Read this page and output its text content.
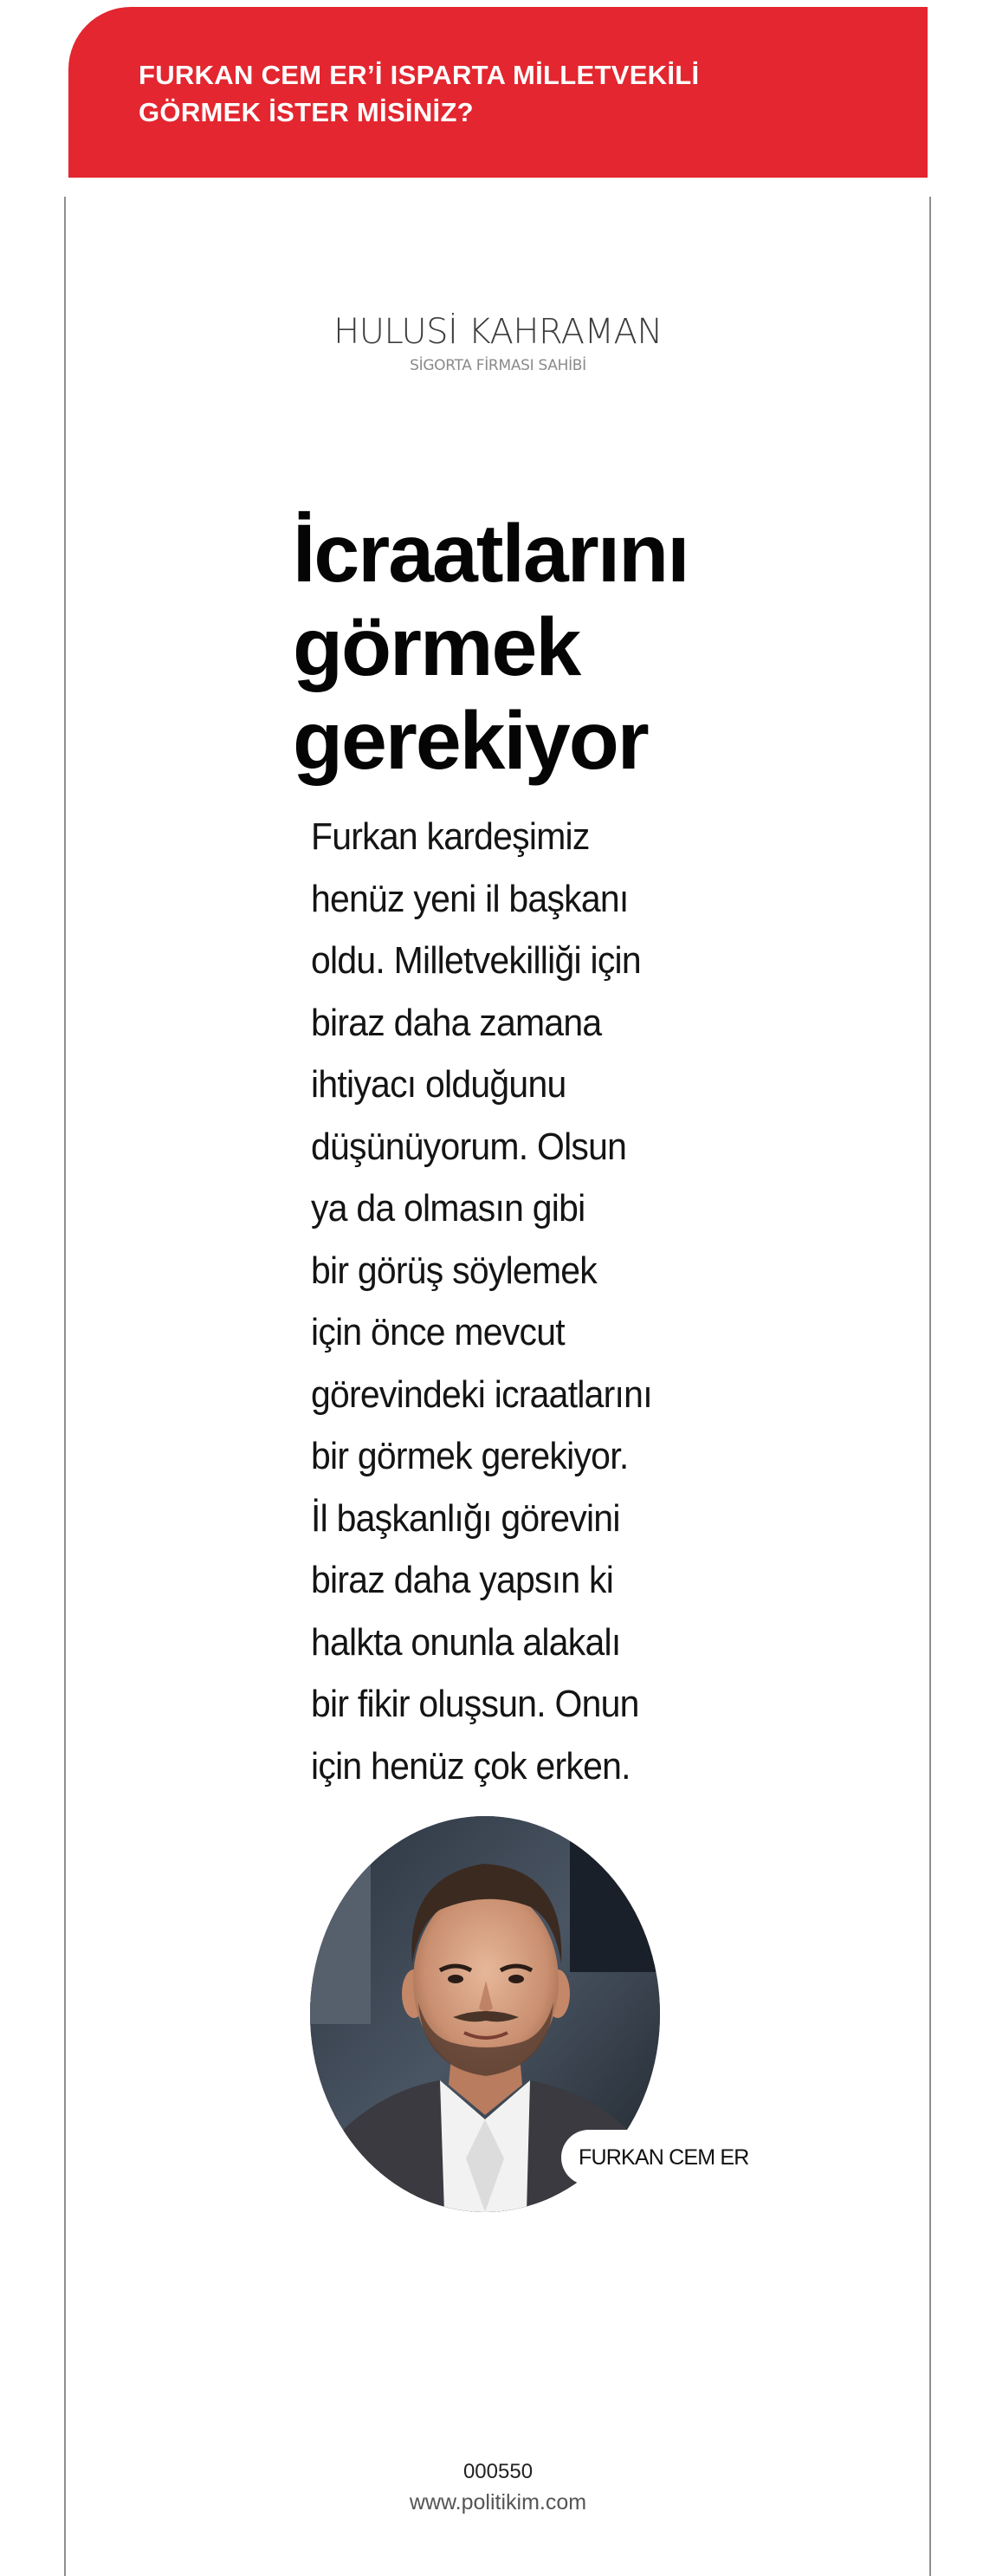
FURKAN CEM ER’İ ISPARTA MİLLETVEKİLİ GÖRMEK İSTER MİSİNİZ?
HULUSİ KAHRAMAN
SİGORTA FİRMASI SAHİBİ
İcraatlarını görmek gerekiyor

Furkan kardeşimiz
henüz yeni il başkanı
oldu. Milletvekilliği için
biraz daha zamana
ihtiyacı olduğunu
düşünüyorum. Olsun
ya da olmasın gibi
bir görüş söylemek
için önce mevcut
görevindeki icraatlarını
bir görmek gerekiyor.
İl başkanlığı görevini
biraz daha yapsın ki
halkta onunla alakalı
bir fikir oluşsun. Onun
için henüz çok erken.

FURKAN CEM ER
000550
www.politikim.com
